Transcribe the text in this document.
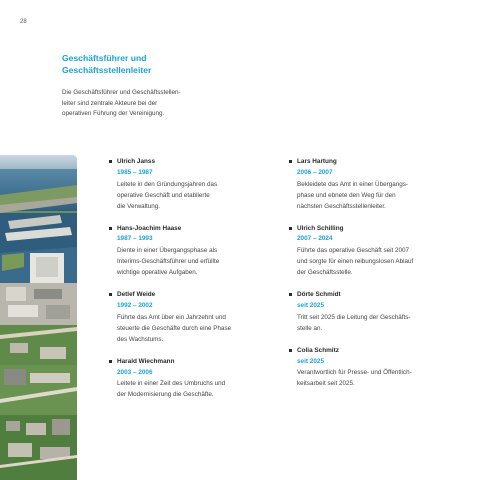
28
Geschäftsführer und
Geschäftsstellenleiter
Die Geschäftsführer und Geschäftsstellen-
leiter sind zentrale Akteure bei der
operativen Führung der Vereinigung.
Ulrich Janss
1985 – 1987
Leitete in den Gründungsjahren das
operative Geschäft und etablierte
die Verwaltung.
Hans-Joachim Haase
1987 – 1993
Diente in einer Übergangsphase als
Interims-Geschäftsführer und erfüllte
wichtige operative Aufgaben.
Detlef Weide
1992 – 2002
Führte das Amt über ein Jahrzehnt und
steuerte die Geschäfte durch eine Phase
des Wachstums.
Harald Wiechmann
2003 – 2006
Leitete in einer Zeit des Umbruchs und
der Modernisierung die Geschäfte.
Lars Hartung
2006 – 2007
Bekleidete das Amt in einer Übergangs-
phase und ebnete den Weg für den
nächsten Geschäftsstellenleiter.
Ulrich Schilling
2007 – 2024
Führte das operative Geschäft seit 2007
und sorgte für einen reibungslosen Ablauf
der Geschäftsstelle.
Dörte Schmidt
seit 2025
Tritt seit 2025 die Leitung der Geschäfts-
stelle an.
Colia Schmitz
seit 2025
Verantwortlich für Presse- und Öffentlich-
keitsarbeit seit 2025.
